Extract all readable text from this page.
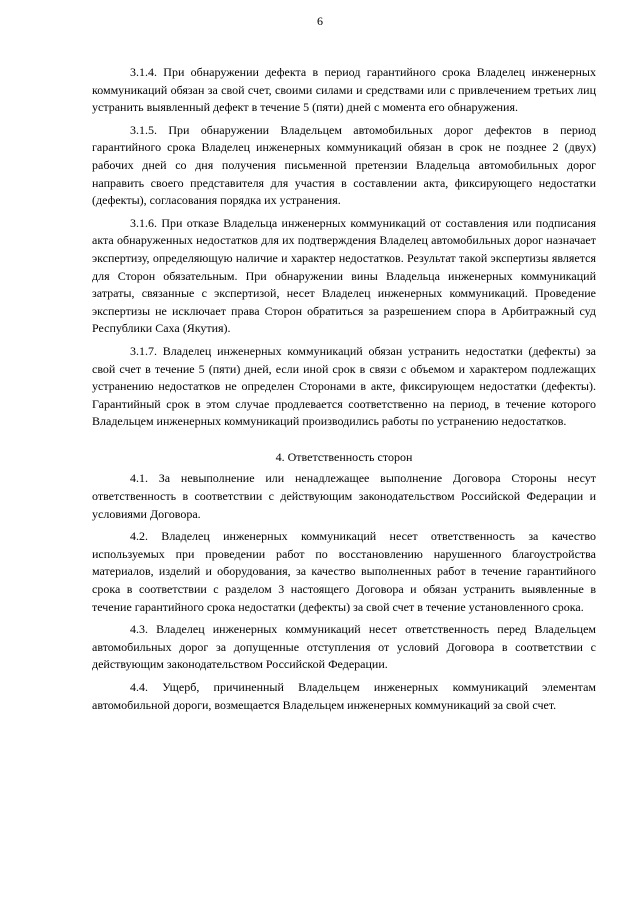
6

3.1.4. При обнаружении дефекта в период гарантийного срока Владелец инженерных коммуникаций обязан за свой счет, своими силами и средствами или с привлечением третьих лиц устранить выявленный дефект в течение 5 (пяти) дней с момента его обнаружения.

3.1.5. При обнаружении Владельцем автомобильных дорог дефектов в период гарантийного срока Владелец инженерных коммуникаций обязан в срок не позднее 2 (двух) рабочих дней со дня получения письменной претензии Владельца автомобильных дорог направить своего представителя для участия в составлении акта, фиксирующего недостатки (дефекты), согласования порядка их устранения.

3.1.6. При отказе Владельца инженерных коммуникаций от составления или подписания акта обнаруженных недостатков для их подтверждения Владелец автомобильных дорог назначает экспертизу, определяющую наличие и характер недостатков. Результат такой экспертизы является для Сторон обязательным. При обнаружении вины Владельца инженерных коммуникаций затраты, связанные с экспертизой, несет Владелец инженерных коммуникаций. Проведение экспертизы не исключает права Сторон обратиться за разрешением спора в Арбитражный суд Республики Саха (Якутия).

3.1.7. Владелец инженерных коммуникаций обязан устранить недостатки (дефекты) за свой счет в течение 5 (пяти) дней, если иной срок в связи с объемом и характером подлежащих устранению недостатков не определен Сторонами в акте, фиксирующем недостатки (дефекты). Гарантийный срок в этом случае продлевается соответственно на период, в течение которого Владельцем инженерных коммуникаций производились работы по устранению недостатков.

4. Ответственность сторон

4.1. За невыполнение или ненадлежащее выполнение Договора Стороны несут ответственность в соответствии с действующим законодательством Российской Федерации и условиями Договора.

4.2. Владелец инженерных коммуникаций несет ответственность за качество используемых при проведении работ по восстановлению нарушенного благоустройства материалов, изделий и оборудования, за качество выполненных работ в течение гарантийного срока в соответствии с разделом 3 настоящего Договора и обязан устранить выявленные в течение гарантийного срока недостатки (дефекты) за свой счет в течение установленного срока.

4.3. Владелец инженерных коммуникаций несет ответственность перед Владельцем автомобильных дорог за допущенные отступления от условий Договора в соответствии с действующим законодательством Российской Федерации.

4.4. Ущерб, причиненный Владельцем инженерных коммуникаций элементам автомобильной дороги, возмещается Владельцем инженерных коммуникаций за свой счет.
